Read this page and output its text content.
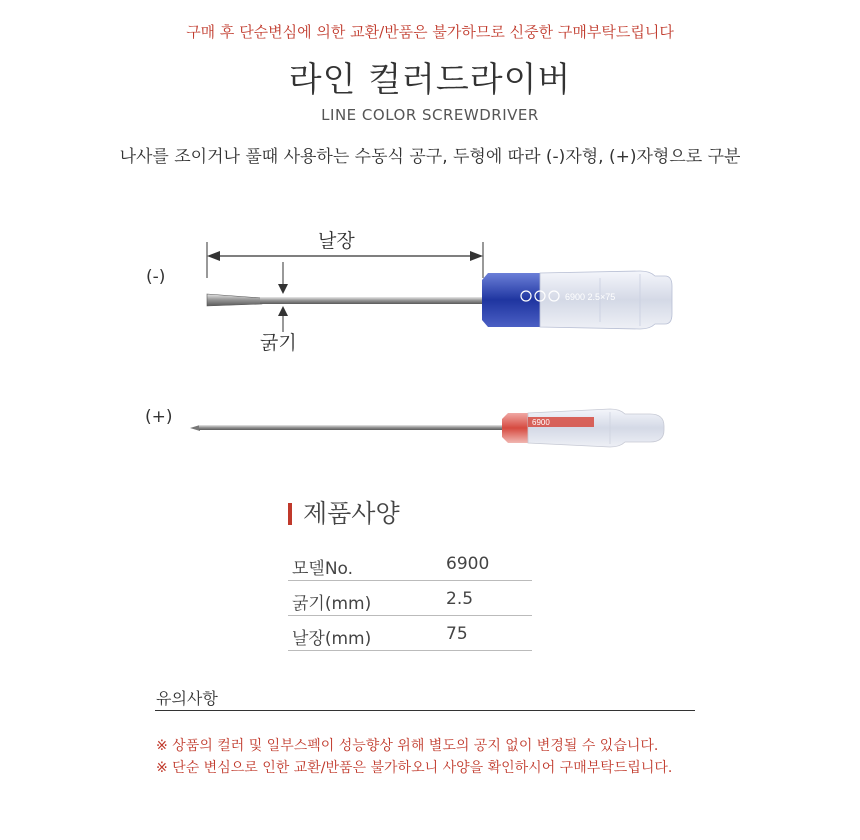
구매 후 단순변심에 의한 교환/반품은 불가하므로 신중한 구매부탁드립니다
라인 컬러드라이버
LINE COLOR SCREWDRIVER
나사를 조이거나 풀때 사용하는 수동식 공구, 두형에 따라 (-)자형, (+)자형으로 구분
(-)
(+)
날장
굵기
6900 2.5×75
6900
제품사양
모델No.	6900
굵기(mm)	2.5
날장(mm)	75
유의사항
※ 상품의 컬러 및 일부스펙이 성능향상 위해 별도의 공지 없이 변경될 수 있습니다.
※ 단순 변심으로 인한 교환/반품은 불가하오니 사양을 확인하시어 구매부탁드립니다.
